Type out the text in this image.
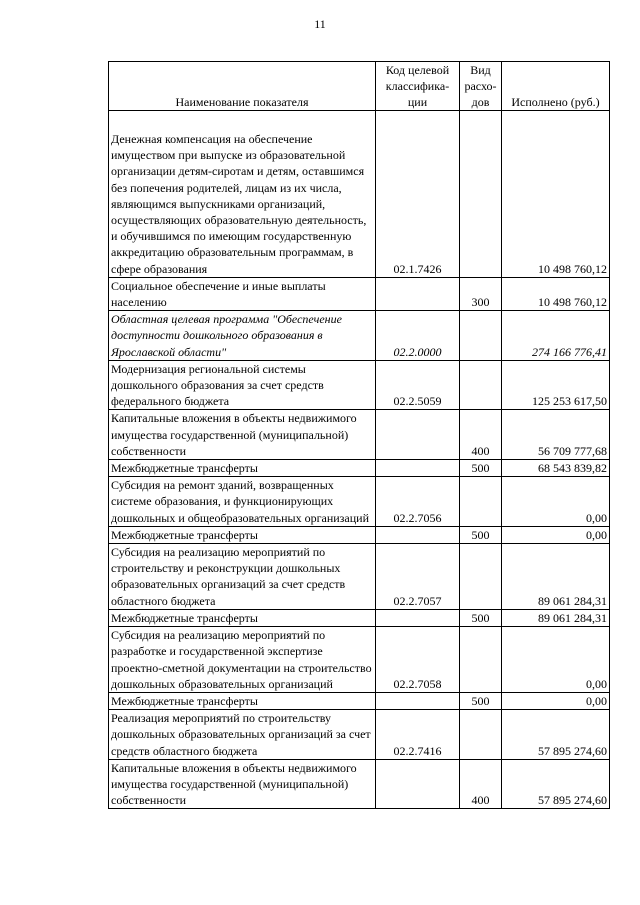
11
Наименование показателя	Код целевой классифика- ции	Вид расхо- дов	Исполнено (руб.)
Денежная компенсация на обеспечение имуществом при выпуске из образовательной организации детям-сиротам и детям, оставшимся без попечения родителей, лицам из их числа, являющимся выпускниками организаций, осуществляющих образовательную деятельность, и обучившимся по имеющим государственную аккредитацию образовательным программам, в сфере образования	02.1.7426		10 498 760,12
Социальное обеспечение и иные выплаты населению		300	10 498 760,12
Областная целевая программа "Обеспечение доступности дошкольного образования в Ярославской области"	02.2.0000		274 166 776,41
Модернизация региональной системы дошкольного образования за счет средств федерального бюджета	02.2.5059		125 253 617,50
Капитальные вложения в объекты недвижимого имущества государственной (муниципальной) собственности		400	56 709 777,68
Межбюджетные трансферты		500	68 543 839,82
Субсидия на ремонт зданий, возвращенных системе образования, и функционирующих дошкольных и общеобразовательных организаций	02.2.7056		0,00
Межбюджетные трансферты		500	0,00
Субсидия на реализацию мероприятий по строительству и реконструкции дошкольных образовательных организаций за счет средств областного бюджета	02.2.7057		89 061 284,31
Межбюджетные трансферты		500	89 061 284,31
Субсидия на реализацию мероприятий по разработке и государственной экспертизе проектно-сметной документации на строительство дошкольных образовательных организаций	02.2.7058		0,00
Межбюджетные трансферты		500	0,00
Реализация мероприятий по строительству дошкольных образовательных организаций за счет средств областного бюджета	02.2.7416		57 895 274,60
Капитальные вложения в объекты недвижимого имущества государственной (муниципальной) собственности		400	57 895 274,60
